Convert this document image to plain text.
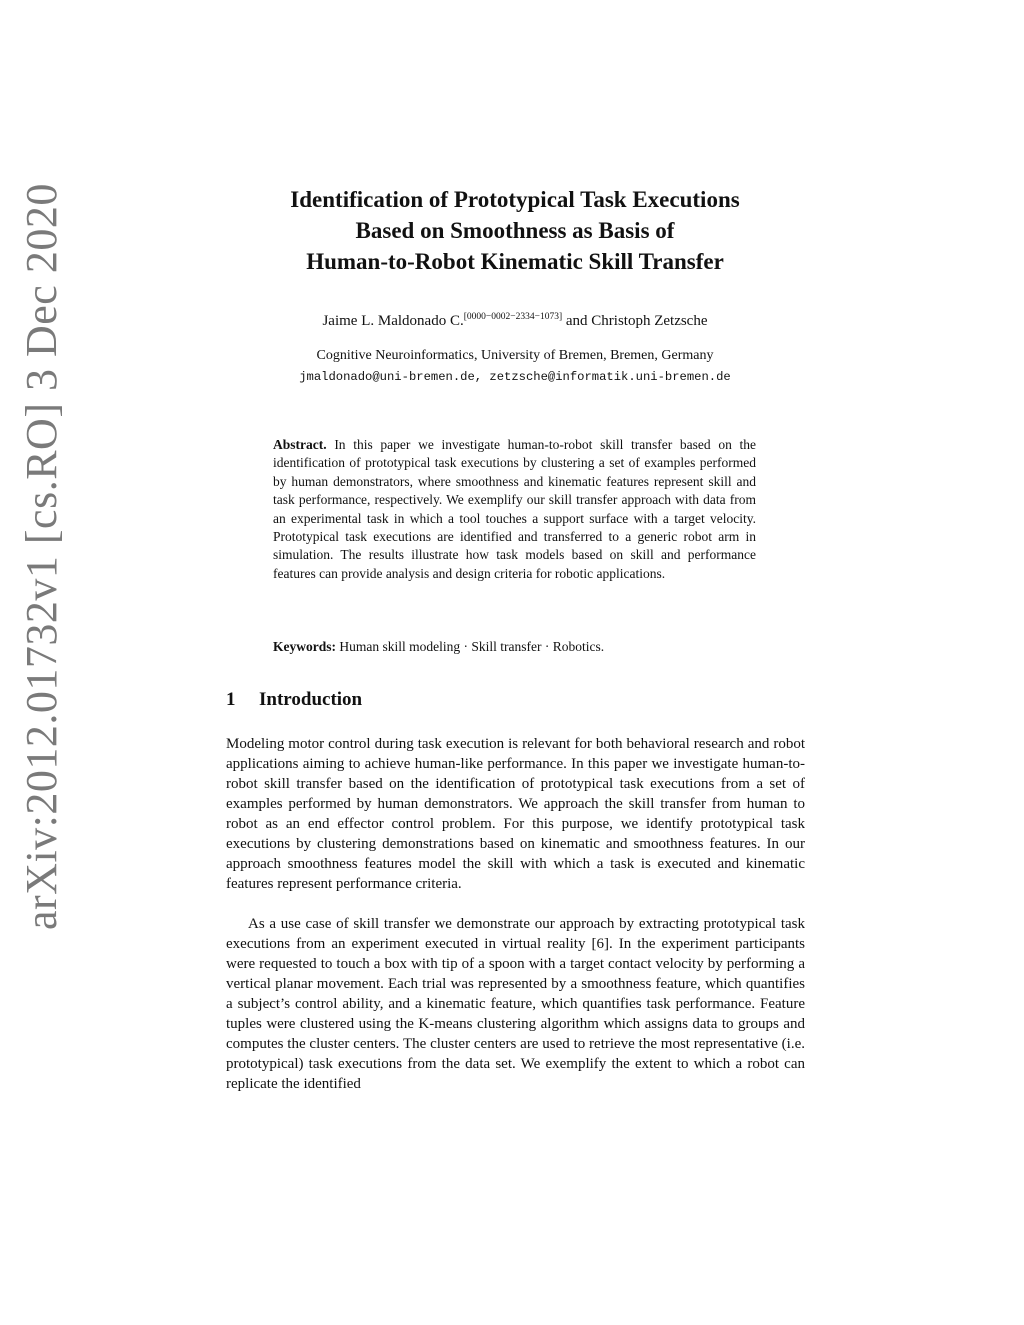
arXiv:2012.01732v1 [cs.RO] 3 Dec 2020	Identification of Prototypical Task Executions
Based on Smoothness as Basis of
Human-to-Robot Kinematic Skill Transfer
Jaime L. Maldonado C.[0000−0002−2334−1073] and Christoph Zetzsche
Cognitive Neuroinformatics, University of Bremen, Bremen, Germany
jmaldonado@uni-bremen.de, zetzsche@informatik.uni-bremen.de

Abstract. In this paper we investigate human-to-robot skill transfer based on the identification of prototypical task executions by clustering a set of examples performed by human demonstrators, where smoothness and kinematic features represent skill and task performance, respectively. We exemplify our skill transfer approach with data from an experimental task in which a tool touches a support surface with a target velocity. Prototypical task executions are identified and transferred to a generic robot arm in simulation. The results illustrate how task models based on skill and performance features can provide analysis and design criteria for robotic applications.

Keywords: Human skill modeling · Skill transfer · Robotics.

1 Introduction

Modeling motor control during task execution is relevant for both behavioral research and robot applications aiming to achieve human-like performance. In this paper we investigate human-to-robot skill transfer based on the identification of prototypical task executions from a set of examples performed by human demonstrators. We approach the skill transfer from human to robot as an end effector control problem. For this purpose, we identify prototypical task executions by clustering demonstrations based on kinematic and smoothness features. In our approach smoothness features model the skill with which a task is executed and kinematic features represent performance criteria.

As a use case of skill transfer we demonstrate our approach by extracting prototypical task executions from an experiment executed in virtual reality [6]. In the experiment participants were requested to touch a box with tip of a spoon with a target contact velocity by performing a vertical planar movement. Each trial was represented by a smoothness feature, which quantifies a subject’s control ability, and a kinematic feature, which quantifies task performance. Feature tuples were clustered using the K-means clustering algorithm which assigns data to groups and computes the cluster centers. The cluster centers are used to retrieve the most representative (i.e. prototypical) task executions from the data set. We exemplify the extent to which a robot can replicate the identified
